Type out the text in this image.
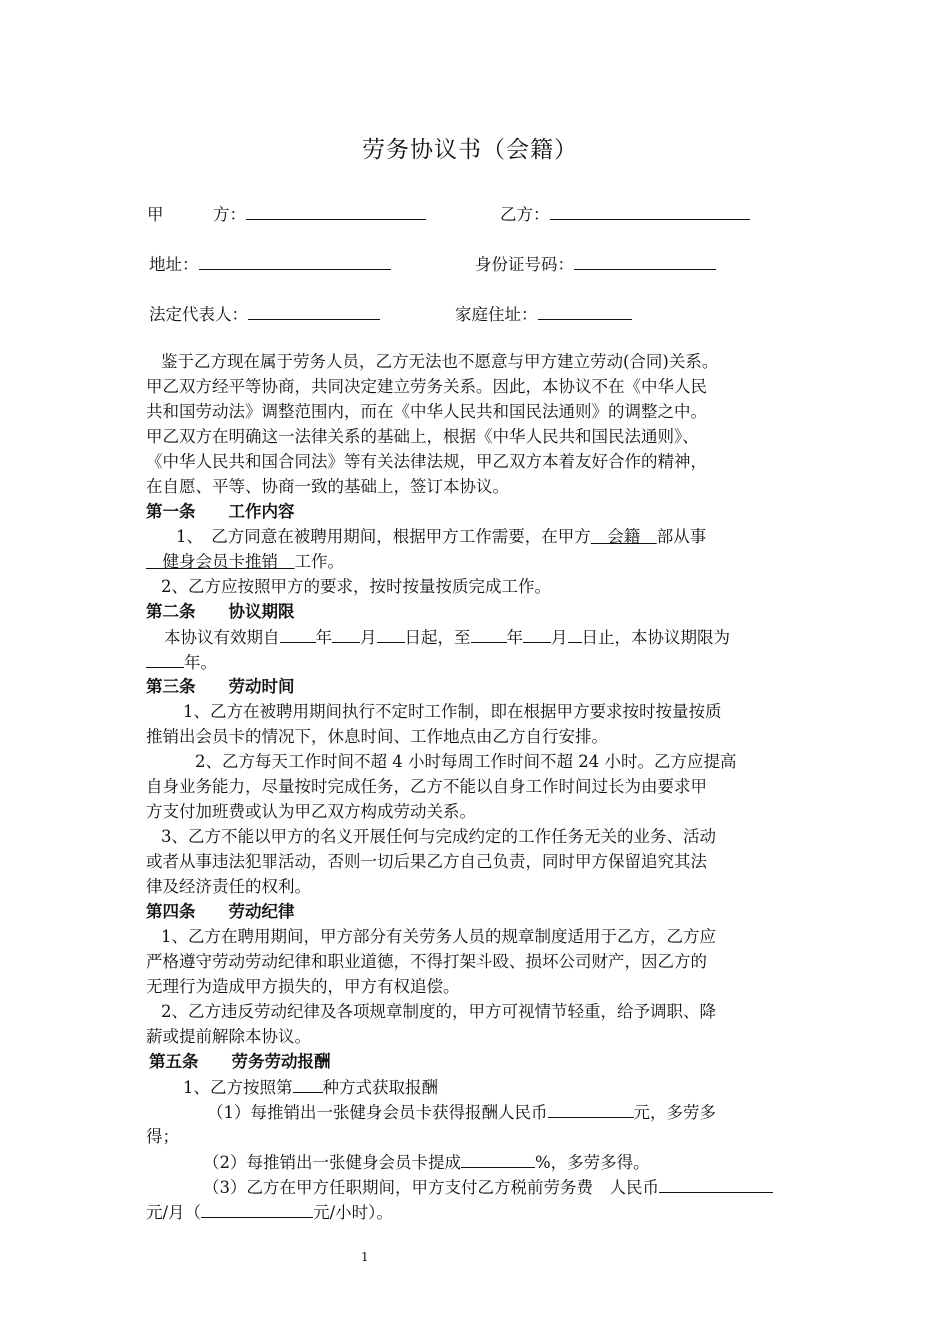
劳务协议书（会籍）
甲　　　方：	乙方：
地址：	身份证号码：
法定代表人：	家庭住址：
鉴于乙方现在属于劳务人员，乙方无法也不愿意与甲方建立劳动(合同)关系。
甲乙双方经平等协商，共同决定建立劳务关系。因此，本协议不在《中华人民
共和国劳动法》调整范围内，而在《中华人民共和国民法通则》的调整之中。
甲乙双方在明确这一法律关系的基础上，根据《中华人民共和国民法通则》、
《中华人民共和国合同法》等有关法律法规，甲乙双方本着友好合作的精神，
在自愿、平等、协商一致的基础上，签订本协议。
第一条　　工作内容
1、　乙方同意在被聘用期间，根据甲方工作需要，在甲方　会籍　部从事
　健身会员卡推销　工作。
2、乙方应按照甲方的要求，按时按量按质完成工作。
第二条　　协议期限
本协议有效期自 年 月 日起，至 年 月 日止，本协议期限为
年。
第三条　　劳动时间
1、乙方在被聘用期间执行不定时工作制，即在根据甲方要求按时按量按质
推销出会员卡的情况下，休息时间、工作地点由乙方自行安排。
2、乙方每天工作时间不超 4 小时每周工作时间不超 24 小时。乙方应提高
自身业务能力，尽量按时完成任务，乙方不能以自身工作时间过长为由要求甲
方支付加班费或认为甲乙双方构成劳动关系。
3、乙方不能以甲方的名义开展任何与完成约定的工作任务无关的业务、活动
或者从事违法犯罪活动，否则一切后果乙方自己负责，同时甲方保留追究其法
律及经济责任的权利。
第四条　　劳动纪律
1、乙方在聘用期间，甲方部分有关劳务人员的规章制度适用于乙方，乙方应
严格遵守劳动劳动纪律和职业道德，不得打架斗殴、损坏公司财产，因乙方的
无理行为造成甲方损失的，甲方有权追偿。
2、乙方违反劳动纪律及各项规章制度的，甲方可视情节轻重，给予调职、降
薪或提前解除本协议。
第五条　　劳务劳动报酬
1、乙方按照第 种方式获取报酬
（1）每推销出一张健身会员卡获得报酬人民币	元，多劳多
得；
（2）每推销出一张健身会员卡提成	%，多劳多得。
（3）乙方在甲方任职期间，甲方支付乙方税前劳务费　人民币
元/月（	元/小时）。
1
